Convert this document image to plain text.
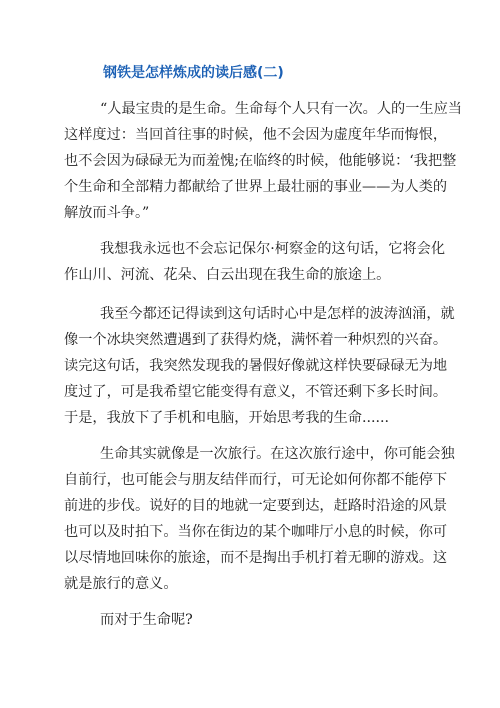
钢铁是怎样炼成的读后感(二)
“人最宝贵的是生命。生命每个人只有一次。人的一生应当
这样度过：当回首往事的时候，他不会因为虚度年华而悔恨，
也不会因为碌碌无为而羞愧;在临终的时候，他能够说：‘我把整
个生命和全部精力都献给了世界上最壮丽的事业——为人类的
解放而斗争。”
我想我永远也不会忘记保尔·柯察金的这句话，它将会化
作山川、河流、花朵、白云出现在我生命的旅途上。
我至今都还记得读到这句话时心中是怎样的波涛汹涌，就
像一个冰块突然遭遇到了获得灼烧，满怀着一种炽烈的兴奋。
读完这句话，我突然发现我的暑假好像就这样快要碌碌无为地
度过了，可是我希望它能变得有意义，不管还剩下多长时间。
于是，我放下了手机和电脑，开始思考我的生命......
生命其实就像是一次旅行。在这次旅行途中，你可能会独
自前行，也可能会与朋友结伴而行，可无论如何你都不能停下
前进的步伐。说好的目的地就一定要到达，赶路时沿途的风景
也可以及时拍下。当你在街边的某个咖啡厅小息的时候，你可
以尽情地回味你的旅途，而不是掏出手机打着无聊的游戏。这
就是旅行的意义。
而对于生命呢?
